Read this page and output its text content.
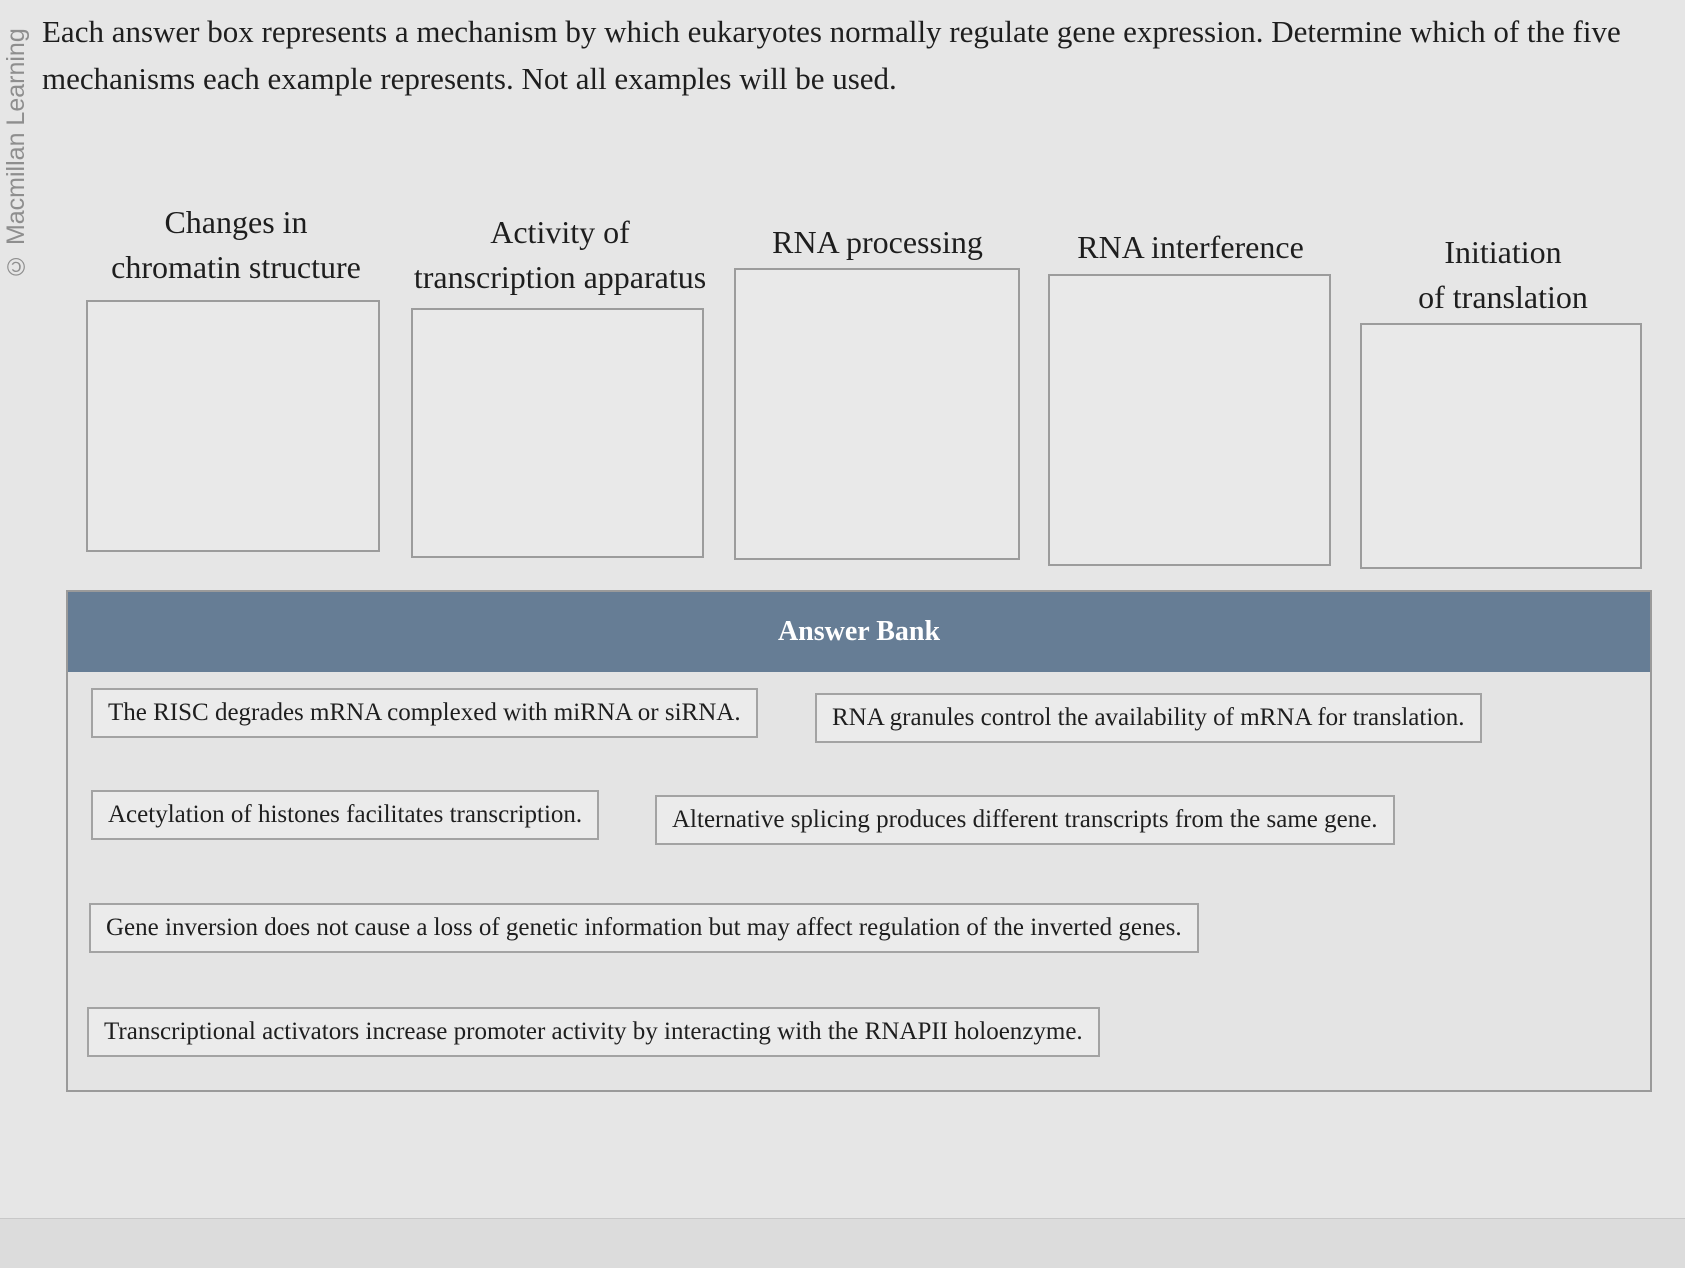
© Macmillan Learning Each answer box represents a mechanism by which eukaryotes normally regulate gene expression. Determine which of the five mechanisms each example represents. Not all examples will be used.

Changes in
chromatin structure
Activity of
transcription apparatus
RNA processing	RNA interference	Initiation
of translation
Answer Bank
The RISC degrades mRNA complexed with miRNA or siRNA.	RNA granules control the availability of mRNA for translation.
Acetylation of histones facilitates transcription.	Alternative splicing produces different transcripts from the same gene.
Gene inversion does not cause a loss of genetic information but may affect regulation of the inverted genes.
Transcriptional activators increase promoter activity by interacting with the RNAPII holoenzyme.
